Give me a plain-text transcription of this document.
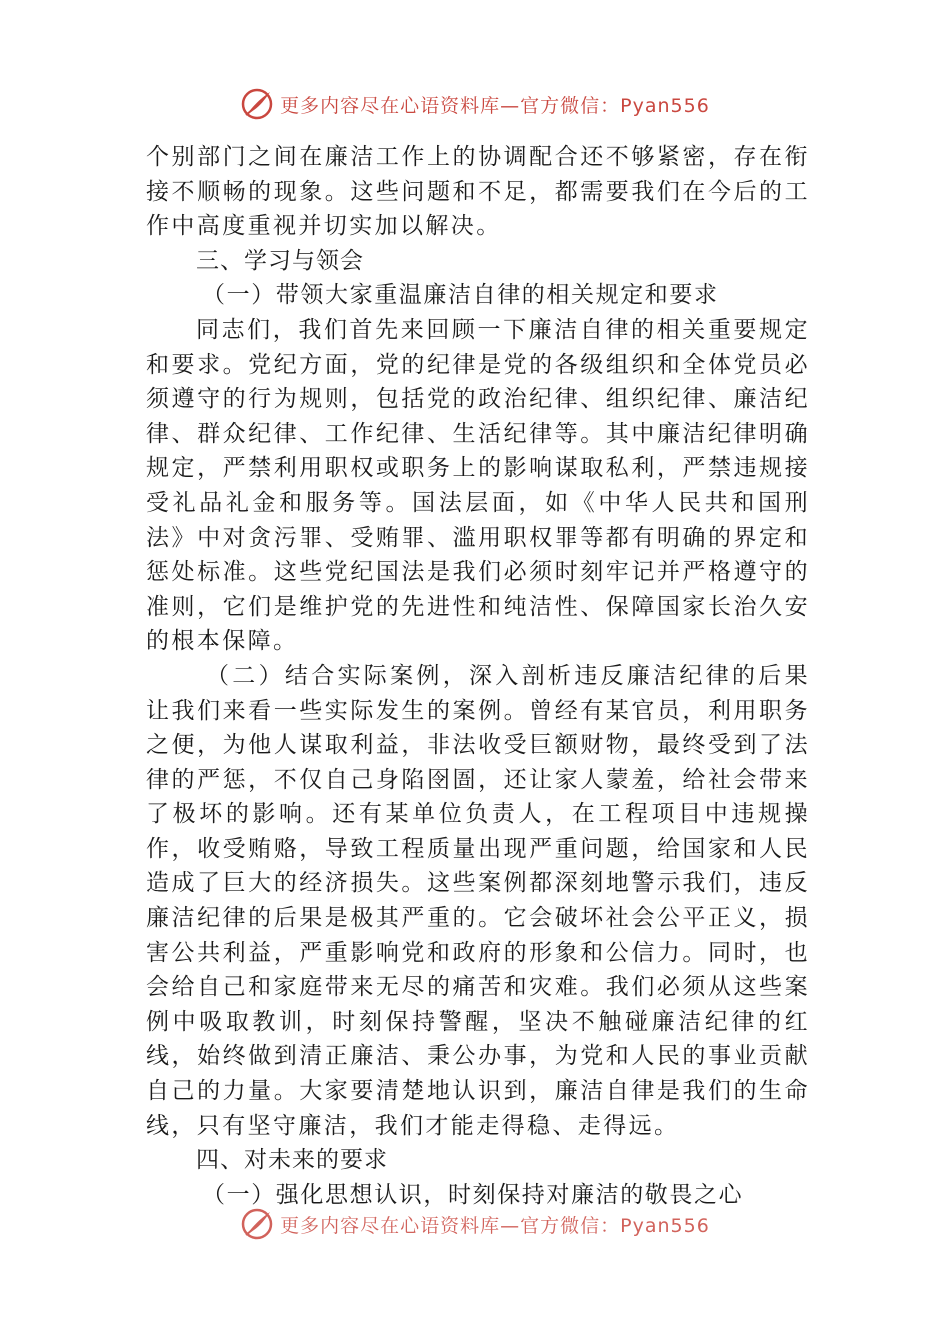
更多内容尽在心语资料库—官方微信：Pyan556

个别部门之间在廉洁工作上的协调配合还不够紧密，存在衔接不顺畅的现象。这些问题和不足，都需要我们在今后的工作中高度重视并切实加以解决。

三、学习与领会

（一）带领大家重温廉洁自律的相关规定和要求

同志们，我们首先来回顾一下廉洁自律的相关重要规定和要求。党纪方面，党的纪律是党的各级组织和全体党员必须遵守的行为规则，包括党的政治纪律、组织纪律、廉洁纪律、群众纪律、工作纪律、生活纪律等。其中廉洁纪律明确规定，严禁利用职权或职务上的影响谋取私利，严禁违规接受礼品礼金和服务等。国法层面，如《中华人民共和国刑法》中对贪污罪、受贿罪、滥用职权罪等都有明确的界定和惩处标准。这些党纪国法是我们必须时刻牢记并严格遵守的准则，它们是维护党的先进性和纯洁性、保障国家长治久安的根本保障。

（二）结合实际案例，深入剖析违反廉洁纪律的后果让我们来看一些实际发生的案例。曾经有某官员，利用职务之便，为他人谋取利益，非法收受巨额财物，最终受到了法律的严惩，不仅自己身陷囹圄，还让家人蒙羞，给社会带来了极坏的影响。还有某单位负责人，在工程项目中违规操作，收受贿赂，导致工程质量出现严重问题，给国家和人民造成了巨大的经济损失。这些案例都深刻地警示我们，违反廉洁纪律的后果是极其严重的。它会破坏社会公平正义，损害公共利益，严重影响党和政府的形象和公信力。同时，也会给自己和家庭带来无尽的痛苦和灾难。我们必须从这些案例中吸取教训，时刻保持警醒，坚决不触碰廉洁纪律的红线，始终做到清正廉洁、秉公办事，为党和人民的事业贡献自己的力量。大家要清楚地认识到，廉洁自律是我们的生命线，只有坚守廉洁，我们才能走得稳、走得远。

四、对未来的要求

（一）强化思想认识，时刻保持对廉洁的敬畏之心

更多内容尽在心语资料库—官方微信：Pyan556
